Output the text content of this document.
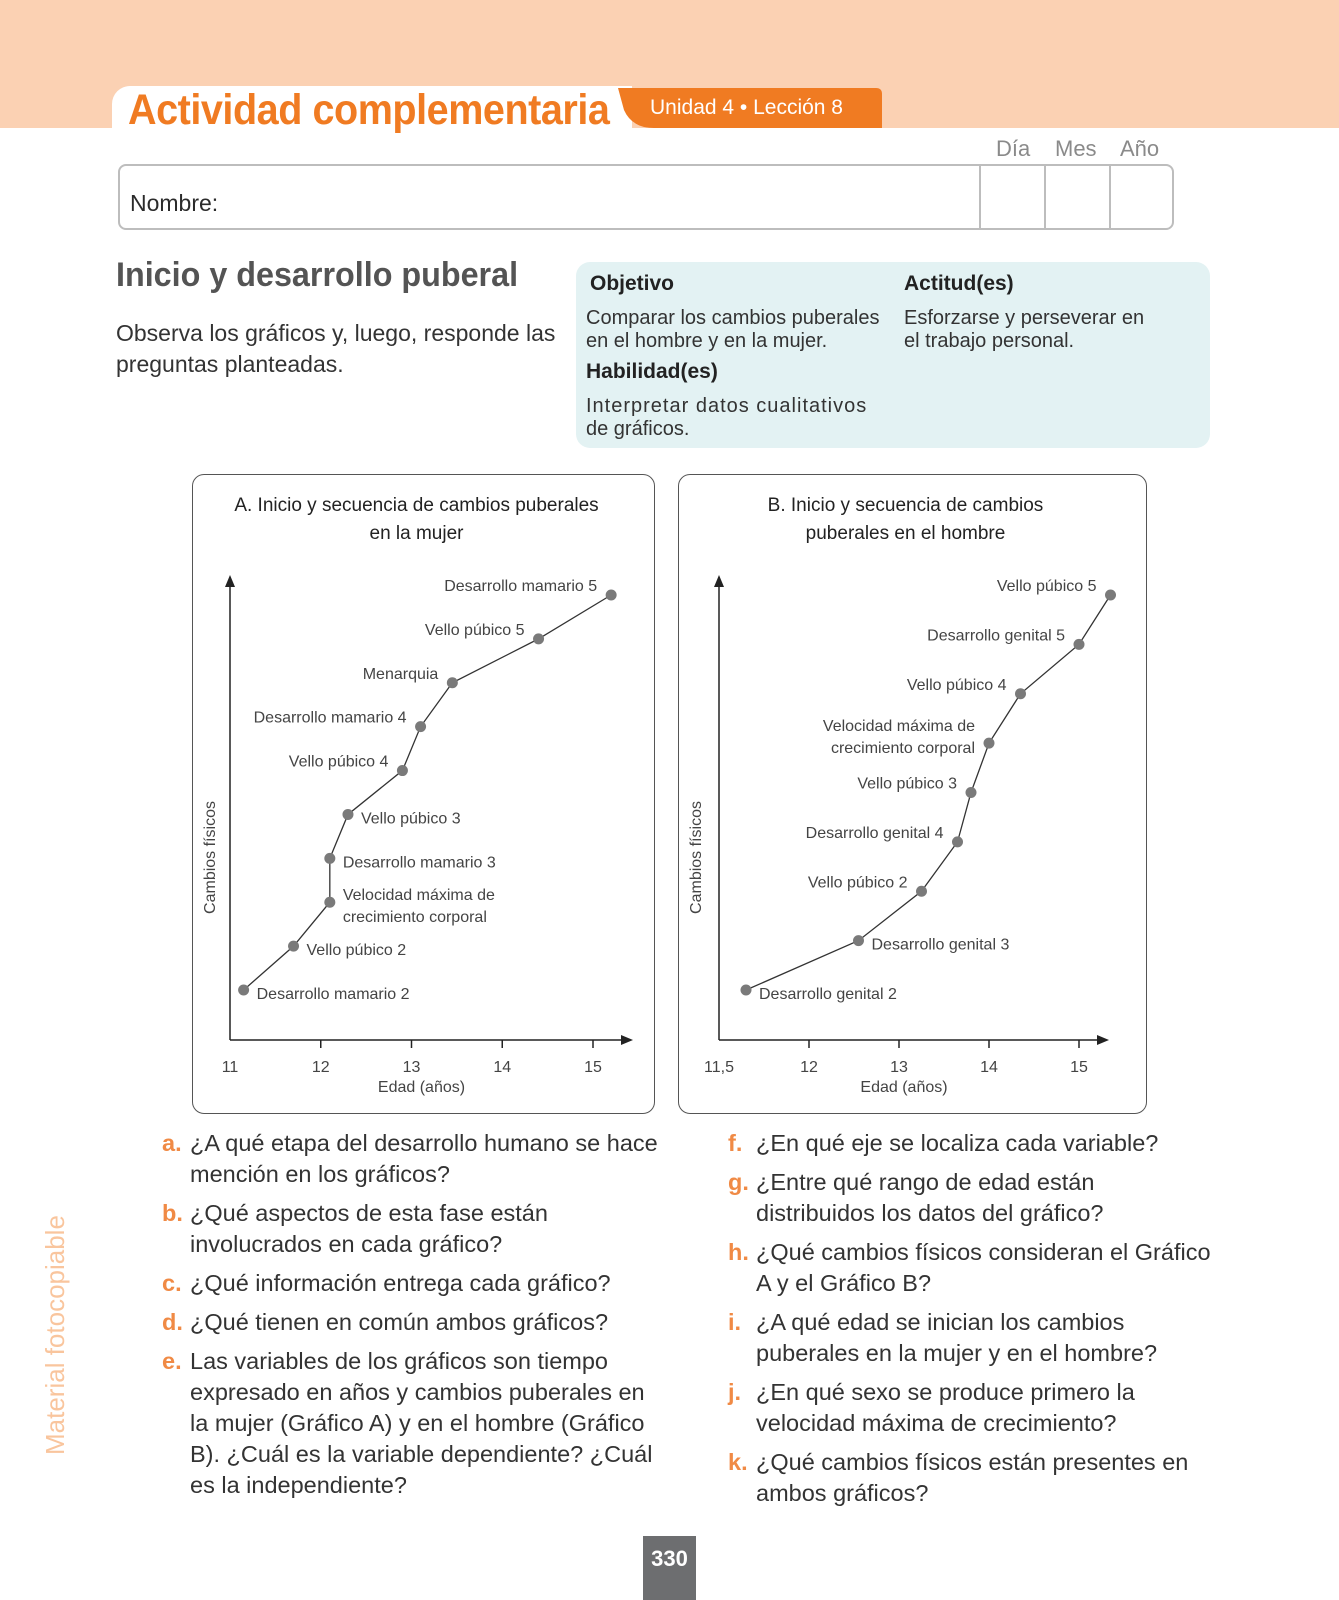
Actividad complementaria Unidad 4 • Lección 8
Día Mes Año
Nombre:
Inicio y desarrollo puberal
Observa los gráficos y, luego, responde las preguntas planteadas.
Objetivo
Comparar los cambios puberales
en el hombre y en la mujer.
Habilidad(es)
Interpretar datos cualitativos
de gráficos.
Actitud(es)
Esforzarse y perseverar en
el trabajo personal.
A. Inicio y secuencia de cambios puberales
en la mujer
11	12	13	14	15
Edad (años)
Cambios físicos
Desarrollo mamario 2
Vello púbico 2
Velocidad máxima de
crecimiento corporal
Desarrollo mamario 3
Vello púbico 3
Vello púbico 4
Desarrollo mamario 4
Menarquia
Vello púbico 5
Desarrollo mamario 5
B. Inicio y secuencia de cambios
puberales en el hombre
11,5	12	13	14	15
Edad (años)
Cambios físicos
Desarrollo genital 2
Desarrollo genital 3
Vello púbico 2
Desarrollo genital 4
Vello púbico 3
Velocidad máxima de
crecimiento corporal
Vello púbico 4
Desarrollo genital 5
Vello púbico 5
a. ¿A qué etapa del desarrollo humano se hace mención en los gráficos?
b. ¿Qué aspectos de esta fase están involucrados en cada gráfico?
c. ¿Qué información entrega cada gráfico?
d. ¿Qué tienen en común ambos gráficos?
e. Las variables de los gráficos son tiempo expresado en años y cambios puberales en la mujer (Gráfico A) y en el hombre (Gráfico B). ¿Cuál es la variable dependiente? ¿Cuál es la independiente?
f. ¿En qué eje se localiza cada variable?
g. ¿Entre qué rango de edad están distribuidos los datos del gráfico?
h. ¿Qué cambios físicos consideran el Gráfico A y el Gráfico B?
i. ¿A qué edad se inician los cambios puberales en la mujer y en el hombre?
j. ¿En qué sexo se produce primero la velocidad máxima de crecimiento?
k. ¿Qué cambios físicos están presentes en ambos gráficos?
Material fotocopiable
330
